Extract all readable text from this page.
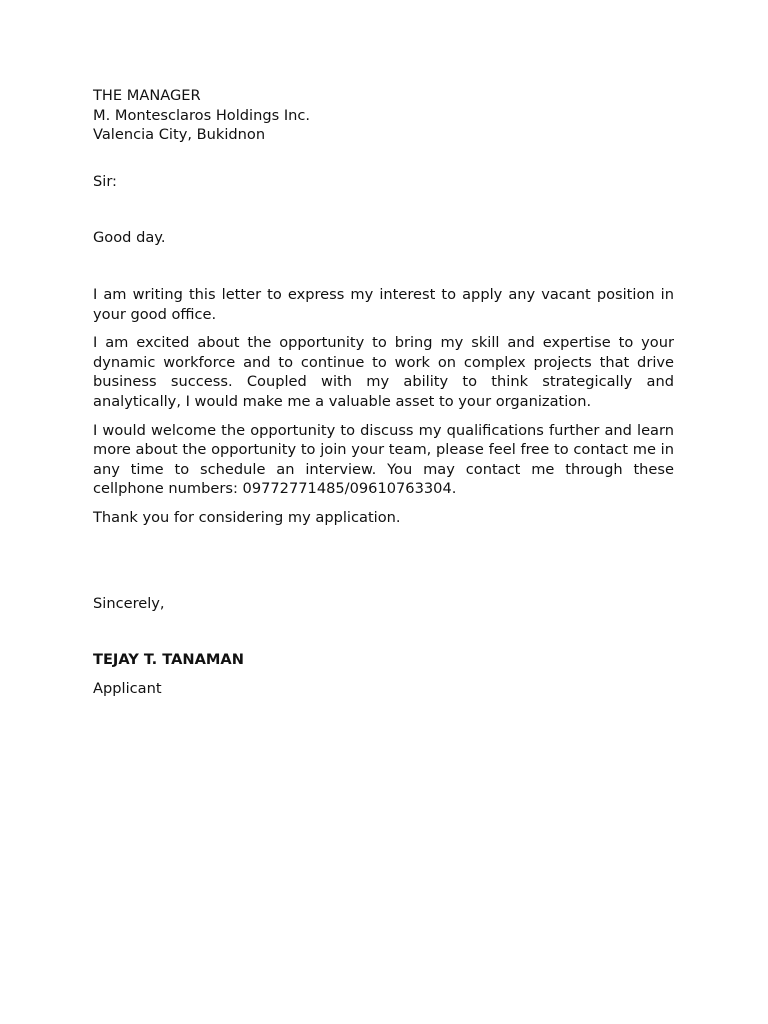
THE MANAGER

M. Montesclaros Holdings Inc.

Valencia City, Bukidnon

Sir:

Good day.

I am writing this letter to express my interest to apply any vacant position in your good office.

I am excited about the opportunity to bring my skill and expertise to your dynamic workforce and to continue to work on complex projects that drive business success. Coupled with my ability to think strategically and analytically, I would make me a valuable asset to your organization.

I would welcome the opportunity to discuss my qualifications further and learn more about the opportunity to join your team, please feel free to contact me in any time to schedule an interview. You may contact me through these cellphone numbers: 09772771485/09610763304.

Thank you for considering my application.

Sincerely,

TEJAY T. TANAMAN

Applicant
